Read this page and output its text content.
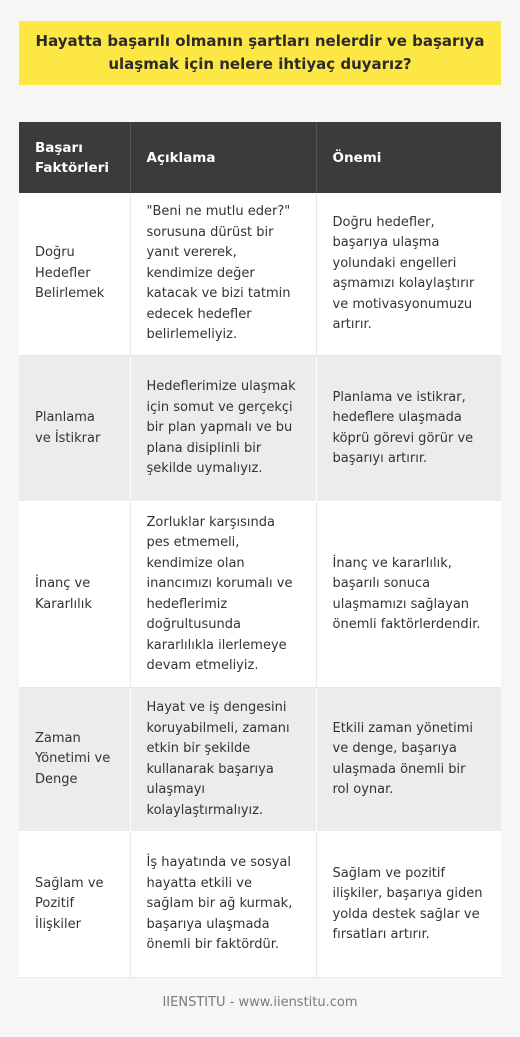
Hayatta başarılı olmanın şartları nelerdir ve başarıya ulaşmak için nelere ihtiyaç duyarız?
Başarı Faktörleri	Açıklama	Önemi
Doğru Hedefler Belirlemek	"Beni ne mutlu eder?" sorusuna dürüst bir yanıt vererek, kendimize değer katacak ve bizi tatmin edecek hedefler belirlemeliyiz.	Doğru hedefler, başarıya ulaşma yolundaki engelleri aşmamızı kolaylaştırır ve motivasyonumuzu artırır.
Planlama ve İstikrar	Hedeflerimize ulaşmak için somut ve gerçekçi bir plan yapmalı ve bu plana disiplinli bir şekilde uymalıyız.	Planlama ve istikrar, hedeflere ulaşmada köprü görevi görür ve başarıyı artırır.
İnanç ve Kararlılık	Zorluklar karşısında pes etmemeli, kendimize olan inancımızı korumalı ve hedeflerimiz doğrultusunda kararlılıkla ilerlemeye devam etmeliyiz.	İnanç ve kararlılık, başarılı sonuca ulaşmamızı sağlayan önemli faktörlerdendir.
Zaman Yönetimi ve Denge	Hayat ve iş dengesini koruyabilmeli, zamanı etkin bir şekilde kullanarak başarıya ulaşmayı kolaylaştırmalıyız.	Etkili zaman yönetimi ve denge, başarıya ulaşmada önemli bir rol oynar.
Sağlam ve Pozitif İlişkiler	İş hayatında ve sosyal hayatta etkili ve sağlam bir ağ kurmak, başarıya ulaşmada önemli bir faktördür.	Sağlam ve pozitif ilişkiler, başarıya giden yolda destek sağlar ve fırsatları artırır.
IIENSTITU - www.iienstitu.com
